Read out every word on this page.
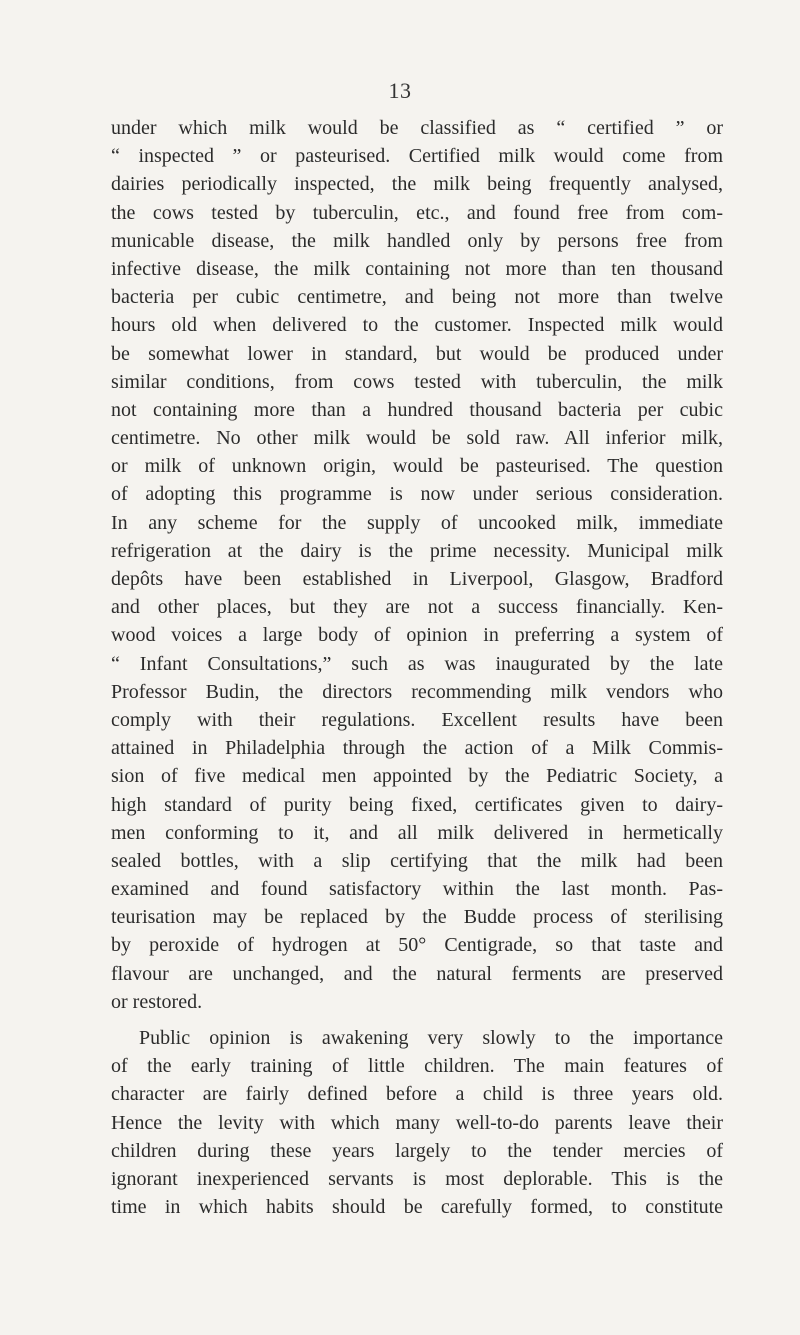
13
under which milk would be classified as “ certified ” or
“ inspected ” or pasteurised. Certified milk would come from
dairies periodically inspected, the milk being frequently analysed,
the cows tested by tuberculin, etc., and found free from com-
municable disease, the milk handled only by persons free from
infective disease, the milk containing not more than ten thousand
bacteria per cubic centimetre, and being not more than twelve
hours old when delivered to the customer. Inspected milk would
be somewhat lower in standard, but would be produced under
similar conditions, from cows tested with tuberculin, the milk
not containing more than a hundred thousand bacteria per cubic
centimetre. No other milk would be sold raw. All inferior milk,
or milk of unknown origin, would be pasteurised. The question
of adopting this programme is now under serious consideration.
In any scheme for the supply of uncooked milk, immediate
refrigeration at the dairy is the prime necessity. Municipal milk
depôts have been established in Liverpool, Glasgow, Bradford
and other places, but they are not a success financially. Ken-
wood voices a large body of opinion in preferring a system of
“ Infant Consultations,” such as was inaugurated by the late
Professor Budin, the directors recommending milk vendors who
comply with their regulations. Excellent results have been
attained in Philadelphia through the action of a Milk Commis-
sion of five medical men appointed by the Pediatric Society, a
high standard of purity being fixed, certificates given to dairy-
men conforming to it, and all milk delivered in hermetically
sealed bottles, with a slip certifying that the milk had been
examined and found satisfactory within the last month. Pas-
teurisation may be replaced by the Budde process of sterilising
by peroxide of hydrogen at 50° Centigrade, so that taste and
flavour are unchanged, and the natural ferments are preserved
or restored.
Public opinion is awakening very slowly to the importance
of the early training of little children. The main features of
character are fairly defined before a child is three years old.
Hence the levity with which many well-to-do parents leave their
children during these years largely to the tender mercies of
ignorant inexperienced servants is most deplorable. This is the
time in which habits should be carefully formed, to constitute
